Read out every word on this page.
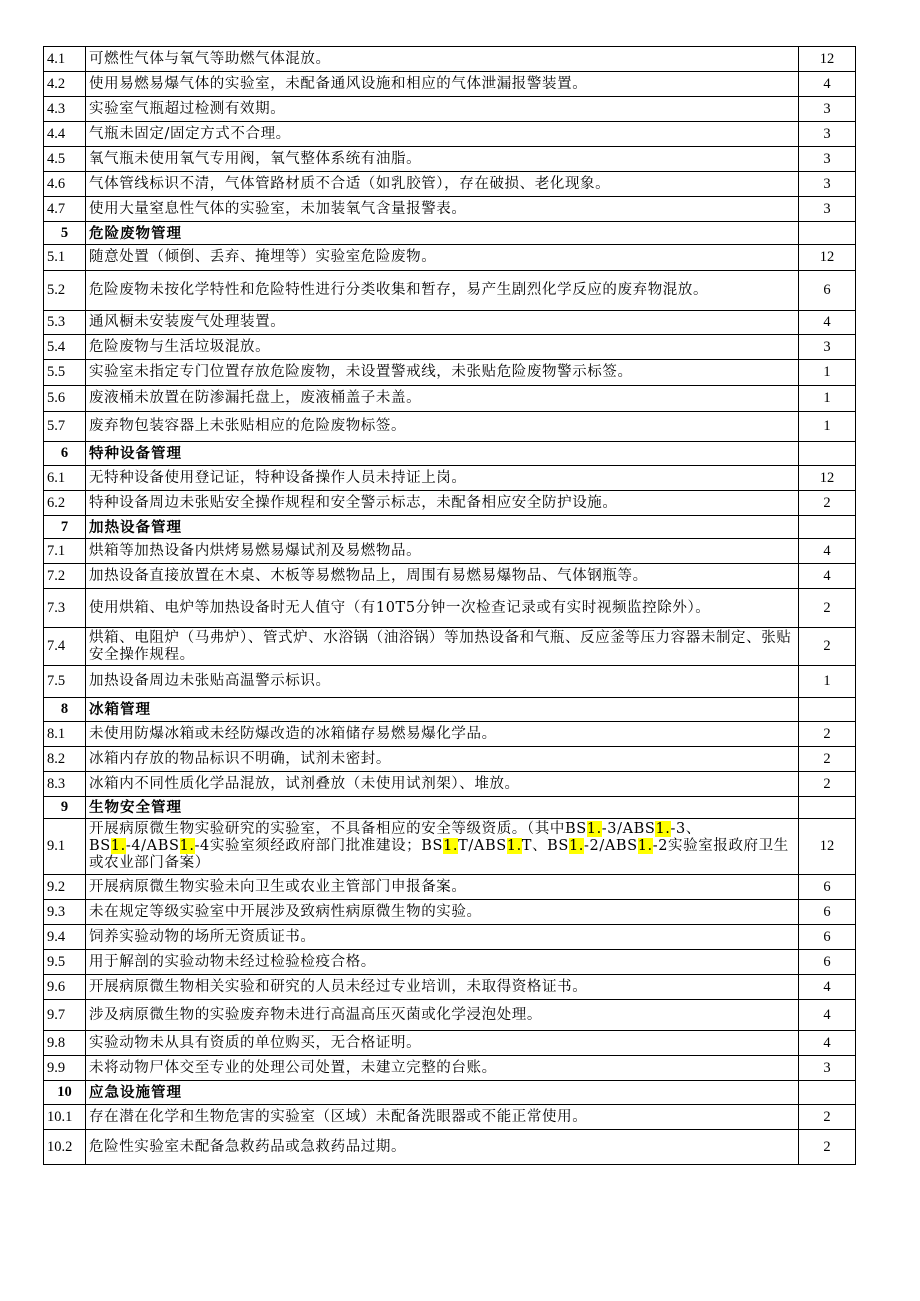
4.1	可燃性气体与氧气等助燃气体混放。	12
4.2	使用易燃易爆气体的实验室，未配备通风设施和相应的气体泄漏报警装置。	4
4.3	实验室气瓶超过检测有效期。	3
4.4	气瓶未固定/固定方式不合理。	3
4.5	氧气瓶未使用氧气专用阀，氧气整体系统有油脂。	3
4.6	气体管线标识不清，气体管路材质不合适（如乳胶管），存在破损、老化现象。	3
4.7	使用大量窒息性气体的实验室，未加装氧气含量报警表。	3
5	危险废物管理	
5.1	随意处置（倾倒、丢弃、掩埋等）实验室危险废物。	12
5.2	危险废物未按化学特性和危险特性进行分类收集和暂存，易产生剧烈化学反应的废弃物混放。	6
5.3	通风橱未安装废气处理装置。	4
5.4	危险废物与生活垃圾混放。	3
5.5	实验室未指定专门位置存放危险废物，未设置警戒线，未张贴危险废物警示标签。	1
5.6	废液桶未放置在防渗漏托盘上，废液桶盖子未盖。	1
5.7	废弃物包装容器上未张贴相应的危险废物标签。	1
6	特种设备管理	
6.1	无特种设备使用登记证，特种设备操作人员未持证上岗。	12
6.2	特种设备周边未张贴安全操作规程和安全警示标志，未配备相应安全防护设施。	2
7	加热设备管理	
7.1	烘箱等加热设备内烘烤易燃易爆试剂及易燃物品。	4
7.2	加热设备直接放置在木桌、木板等易燃物品上，周围有易燃易爆物品、气体钢瓶等。	4
7.3	使用烘箱、电炉等加热设备时无人值守（有10T5分钟一次检查记录或有实时视频监控除外）。	2
7.4	烘箱、电阻炉（马弗炉）、管式炉、水浴锅（油浴锅）等加热设备和气瓶、反应釜等压力容器未制定、张贴安全操作规程。	2
7.5	加热设备周边未张贴高温警示标识。	1
8	冰箱管理	
8.1	未使用防爆冰箱或未经防爆改造的冰箱储存易燃易爆化学品。	2
8.2	冰箱内存放的物品标识不明确，试剂未密封。	2
8.3	冰箱内不同性质化学品混放，试剂叠放（未使用试剂架）、堆放。	2
9	生物安全管理	
9.1	开展病原微生物实验研究的实验室，不具备相应的安全等级资质。（其中BS1.-3/ABS1.-3、BS1.-4/ABS1.-4实验室须经政府部门批准建设；BS1.T/ABS1.T、BS1.-2/ABS1.-2实验室报政府卫生或农业部门备案）	12
9.2	开展病原微生物实验未向卫生或农业主管部门申报备案。	6
9.3	未在规定等级实验室中开展涉及致病性病原微生物的实验。	6
9.4	饲养实验动物的场所无资质证书。	6
9.5	用于解剖的实验动物未经过检验检疫合格。	6
9.6	开展病原微生物相关实验和研究的人员未经过专业培训，未取得资格证书。	4
9.7	涉及病原微生物的实验废弃物未进行高温高压灭菌或化学浸泡处理。	4
9.8	实验动物未从具有资质的单位购买，无合格证明。	4
9.9	未将动物尸体交至专业的处理公司处置，未建立完整的台账。	3
10	应急设施管理	
10.1	存在潜在化学和生物危害的实验室（区域）未配备洗眼器或不能正常使用。	2
10.2	危险性实验室未配备急救药品或急救药品过期。	2
